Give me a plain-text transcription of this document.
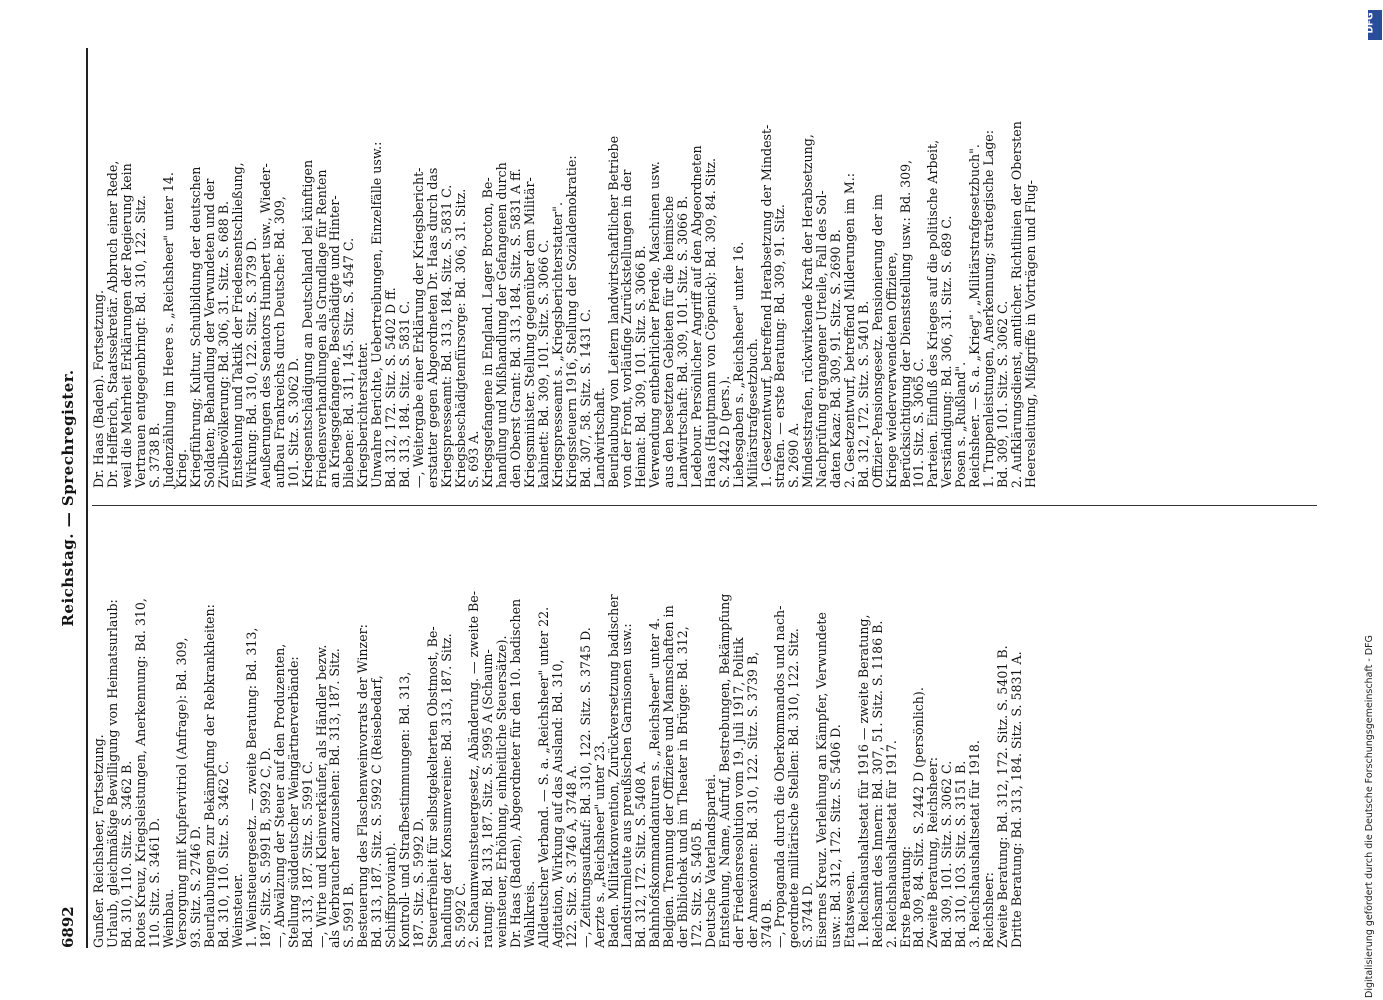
6892
Reichstag. — Sprechregister.
Gunßer. Reichsheer, Fortsetzung.
Urlaub, gleichmäßige Bewilligung von Heimatsurlaub:
Bd. 310, 110. Sitz. S. 3462 B.
Rotes Kreuz, Kriegsleistungen, Anerkennung: Bd. 310,
110. Sitz. S. 3461 D.
Weinbau.
Versorgung mit Kupfervitriol (Anfrage): Bd. 309,
93. Sitz. S. 2746 D.
Beurlaubungen zur Bekämpfung der Rebkrankheiten:
Bd. 310, 110. Sitz. S. 3462 C.
Weinsteuer.
1. Weinsteuergesetz. — zweite Beratung: Bd. 313,
187. Sitz. S. 5991 B, 5992 C, D.
—, Abwälzung der Steuer auf den Produzenten,
Stellung süddeutscher Weingärtnerverbände:
Bd. 313, 187. Sitz. S. 5991 C.
—, Wirte und Kleinverkäufer, als Händler bezw.
als Verbraucher anzusehen: Bd. 313, 187. Sitz.
S. 5991 B.
Besteuerung des Flaschenweinvorrats der Winzer:
Bd. 313, 187. Sitz. S. 5992 C (Reisebedarf,
Schiffsproviant).
Kontroll- und Strafbestimmungen: Bd. 313,
187. Sitz. S. 5992 D.
Steuerfreiheit für selbstgekelterten Obstmost, Be-
handlung der Konsumvereine: Bd. 313, 187. Sitz.
S. 5992 C.
2. Schaumweinsteuergesetz, Abänderung. — zweite Be-
ratung: Bd. 313, 187. Sitz. S. 5995 A (Schaum-
weinsteuer, Erhöhung, einheitliche Steuersätze).
Dr. Haas (Baden), Abgeordneter für den 10. badischen
Wahlkreis.
Alldeutscher Verband. — S. a. „Reichsheer" unter 22.
Agitation, Wirkung auf das Ausland: Bd. 310,
122. Sitz. S. 3746 A, 3748 A.
—, Zeitungsaufkauf: Bd. 310, 122. Sitz. S. 3745 D.
Aerzte s. „Reichsheer" unter 23.
Baden. Militärkonvention, Zurückversetzung badischer
Landsturmleute aus preußischen Garnisonen usw.:
Bd. 312, 172. Sitz. S. 5408 A.
Bahnhofskommandanturen s. „Reichsheer" unter 4.
Belgien. Trennung der Offiziere und Mannschaften in
der Bibliothek und im Theater in Brügge: Bd. 312,
172. Sitz. S. 5405 B.
Deutsche Vaterlandspartei.
Entstehung, Name, Aufruf, Bestrebungen, Bekämpfung
der Friedensresolution vom 19. Juli 1917, Politik
der Annexionen: Bd. 310, 122. Sitz. S. 3739 B,
3740 B.
—, Propaganda durch die Oberkommandos und nach-
geordnete militärische Stellen: Bd. 310, 122. Sitz.
S. 3744 D.
Eisernes Kreuz. Verleihung an Kämpfer, Verwundete
usw.: Bd. 312, 172. Sitz. S. 5406 D.
Etatswesen.
1. Reichshaushaltsetat für 1916 — zweite Beratung,
Reichsamt des Innern: Bd. 307, 51. Sitz. S. 1186 B.
2. Reichshaushaltsetat für 1917.
Erste Beratung:
Bd. 309, 84. Sitz. S. 2442 D (persönlich).
Zweite Beratung, Reichsheer:
Bd. 309, 101. Sitz. S. 3062 C.
Bd. 310, 103. Sitz. S. 3151 B.
3. Reichshaushaltsetat für 1918.
Reichsheer:
Zweite Beratung: Bd. 312, 172. Sitz. S. 5401 B.
Dritte Beratung: Bd. 313, 184. Sitz. S. 5831 A.
Dr. Haas (Baden). Fortsetzung.
Dr. Helfferich, Staatssekretär. Abbruch einer Rede,
weil die Mehrheit Erklärungen der Regierung kein
Vertrauen entgegenbringt: Bd. 310, 122. Sitz.
S. 3738 B.
Judenzählung im Heere s. „Reichsheer" unter 14.
Krieg.
Kriegführung; Kultur, Schulbildung der deutschen
Soldaten; Behandlung der Verwundeten und der
Zivilbevölkerung: Bd. 306, 31. Sitz. S. 688 B.
Entstehung und Taktik der Friedensentschließung,
Wirkung: Bd. 310, 122. Sitz. S. 3739 D.
Aeußerungen des Senators Humbert usw., Wieder-
aufbau Frankreichs durch Deutsche: Bd. 309,
101. Sitz. S. 3062 D.
Kriegsentschädigung an Deutschland bei künftigen
Friedensverhandlungen als Grundlage für Renten
an Kriegsgefangene, Beschädigte und Hinter-
bliebene: Bd. 311, 145. Sitz. S. 4547 C.
Kriegsberichterstatter.
Unwahre Berichte, Uebertreibungen, Einzelfälle usw.:
Bd. 312, 172. Sitz. S. 5402 D ff.
Bd. 313, 184. Sitz. S. 5831 C.
—, Weitergabe einer Erklärung der Kriegsbericht-
erstatter gegen Abgeordneten Dr. Haas durch das
Kriegspresseamt: Bd. 313, 184. Sitz. S. 5831 C.
Kriegsbeschädigtenfürsorge: Bd. 306, 31. Sitz.
S. 693 A.
Kriegsgefangene in England. Lager Brocton, Be-
handlung und Mißhandlung der Gefangenen durch
den Oberst Grant: Bd. 313, 184. Sitz. S. 5831 A ff.
Kriegsminister. Stellung gegenüber dem Militär-
kabinett: Bd. 309, 101. Sitz. S. 3066 C.
Kriegspresseamt s. „Kriegsberichterstatter".
Kriegssteuern 1916, Stellung der Sozialdemokratie:
Bd. 307, 58. Sitz. S. 1431 C.
Landwirtschaft.
Beurlaubung von Leitern landwirtschaftlicher Betriebe
von der Front, vorläufige Zurückstellungen in der
Heimat: Bd. 309, 101. Sitz. S. 3066 B.
Verwendung entbehrlicher Pferde, Maschinen usw.
aus den besetzten Gebieten für die heimische
Landwirtschaft: Bd. 309, 101. Sitz. S. 3066 B.
Ledebour. Persönlicher Angriff auf den Abgeordneten
Haas (Hauptmann von Cöpenick): Bd. 309, 84. Sitz.
S. 2442 D (pers.).
Liebesgaben s. „Reichsheer" unter 16.
Militärstrafgesetzbuch.
1. Gesetzentwurf, betreffend Herabsetzung der Mindest-
strafen. — erste Beratung: Bd. 309, 91. Sitz.
S. 2690 A.
Mindeststrafen, rückwirkende Kraft der Herabsetzung,
Nachprüfung ergangener Urteile, Fall des Sol-
daten Kaaz: Bd. 309, 91. Sitz. S. 2690 B.
2. Gesetzentwurf, betreffend Milderungen im M.:
Bd. 312, 172. Sitz. S. 5401 B.
Offizier-Pensionsgesetz. Pensionierung der im
Kriege wiederverwendeten Offiziere,
Berücksichtigung der Dienststellung usw.: Bd. 309,
101. Sitz. S. 3065 C.
Parteien. Einfluß des Krieges auf die politische Arbeit,
Verständigung: Bd. 306, 31. Sitz. S. 689 C.
Posen s. „Rußland".
Reichsheer. — S. a. „Krieg", „Militärstrafgesetzbuch".
1. Truppenleistungen, Anerkennung; strategische Lage:
Bd. 309, 101. Sitz. S. 3062 C.
2. Aufklärungsdienst, amtlicher. Richtlinien der Obersten
Heeresleitung, Mißgriffe in Vorträgen und Flug-
Digitalisierung gefördert durch die Deutsche Forschungsgemeinschaft - DFG
DFG
